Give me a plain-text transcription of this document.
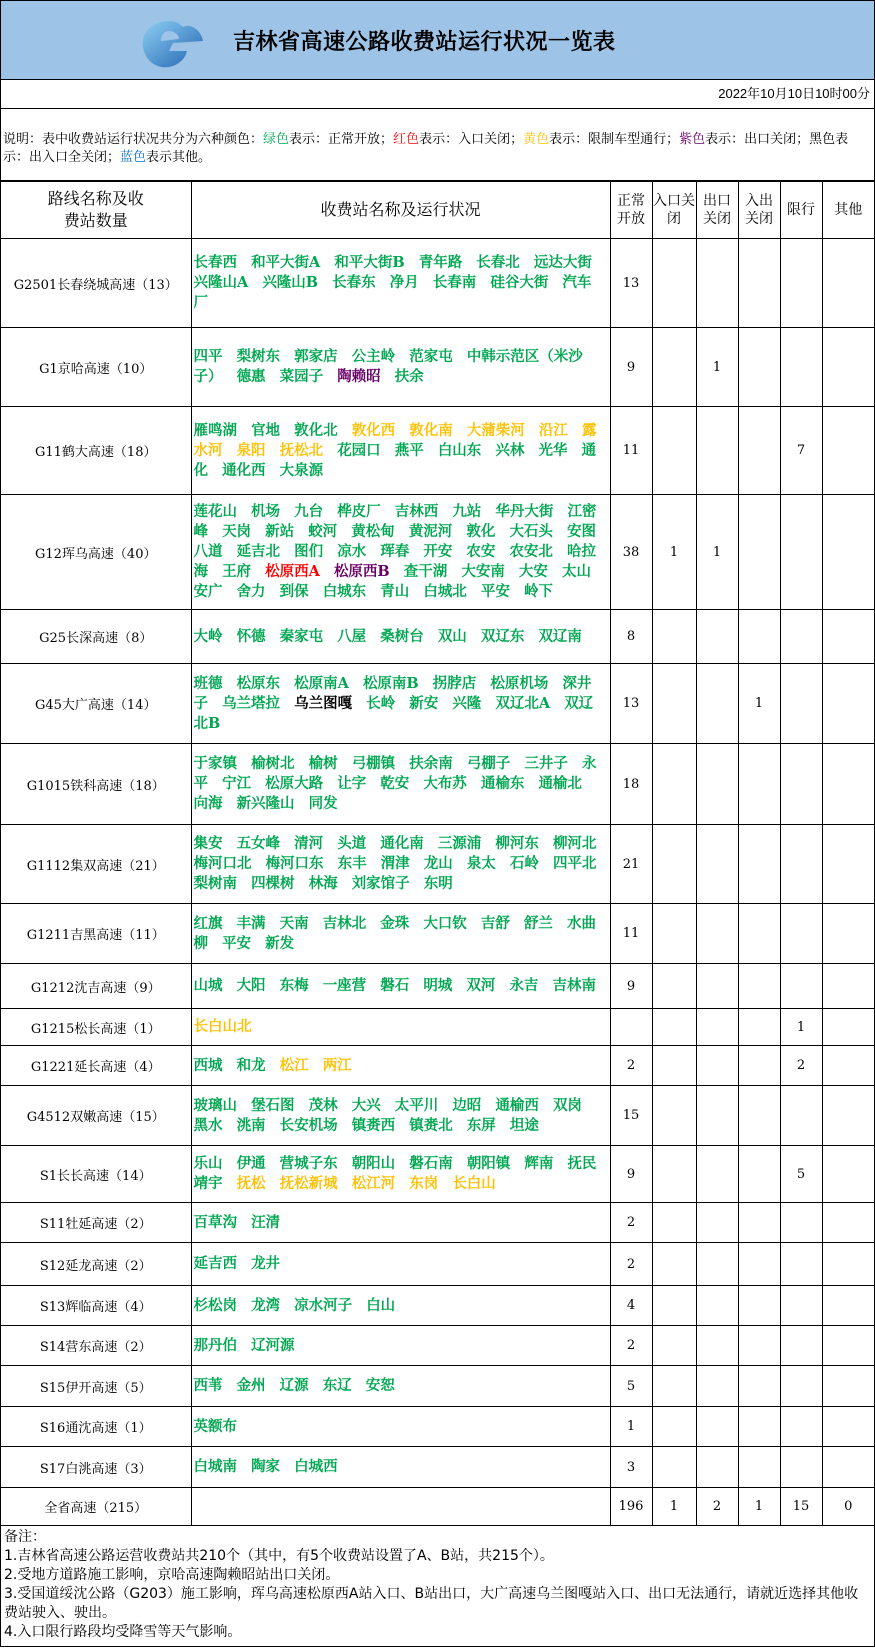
吉林省高速公路收费站运行状况一览表
2022年10月10日10时00分
说明：表中收费站运行状况共分为六种颜色：绿色表示：正常开放；红色表示：入口关闭；黄色表示：限制车型通行；紫色表示：出口关闭；黑色表示：出入口全关闭；蓝色表示其他。
路线名称及收费站数量	收费站名称及运行状况	正常开放	入口关闭	出口关闭	入出关闭	限行	其他
G2501长春绕城高速（13）	长春西 和平大街A 和平大街B 青年路 长春北 远达大街 兴隆山A 兴隆山B 长春东 净月 长春南 硅谷大街 汽车厂	13					
G1京哈高速（10）	四平 梨树东 郭家店 公主岭 范家屯 中韩示范区（米沙子） 德惠 菜园子 陶赖昭 扶余	9		1			
G11鹤大高速（18）	雁鸣湖 官地 敦化北 敦化西 敦化南 大蒲柴河 沿江 露水河 泉阳 抚松北 花园口 燕平 白山东 兴林 光华 通化 通化西 大泉源	11				7	
G12珲乌高速（40）	莲花山 机场 九台 桦皮厂 吉林西 九站 华丹大街 江密峰 天岗 新站 蛟河 黄松甸 黄泥河 敦化 大石头 安图 八道 延吉北 图们 凉水 珲春 开安 农安 农安北 哈拉海 王府 松原西A 松原西B 查干湖 大安南 大安 太山 安广 舍力 到保 白城东 青山 白城北 平安 岭下	38	1	1			
G25长深高速（8）	大岭 怀德 秦家屯 八屋 桑树台 双山 双辽东 双辽南	8					
G45大广高速（14）	班德 松原东 松原南A 松原南B 拐脖店 松原机场 深井子 乌兰塔拉 乌兰图嘎 长岭 新安 兴隆 双辽北A 双辽北B	13			1		
G1015铁科高速（18）	于家镇 榆树北 榆树 弓棚镇 扶余南 弓棚子 三井子 永平 宁江 松原大路 让字 乾安 大布苏 通榆东 通榆北 向海 新兴隆山 同发	18					
G1112集双高速（21）	集安 五女峰 清河 头道 通化南 三源浦 柳河东 柳河北 梅河口北 梅河口东 东丰 渭津 龙山 泉太 石岭 四平北 梨树南 四棵树 林海 刘家馆子 东明	21					
G1211吉黑高速（11）	红旗 丰满 天南 吉林北 金珠 大口钦 吉舒 舒兰 水曲柳 平安 新发	11					
G1212沈吉高速（9）	山城 大阳 东梅 一座营 磐石 明城 双河 永吉 吉林南	9					
G1215松长高速（1）	长白山北					1	
G1221延长高速（4）	西城 和龙 松江 两江	2				2	
G4512双嫩高速（15）	玻璃山 堡石图 茂林 大兴 太平川 边昭 通榆西 双岗 黑水 洮南 长安机场 镇赉西 镇赉北 东屏 坦途	15					
S1长长高速（14）	乐山 伊通 营城子东 朝阳山 磐石南 朝阳镇 辉南 抚民 靖宇 抚松 抚松新城 松江河 东岗 长白山	9				5	
S11牡延高速（2）	百草沟 汪清	2					
S12延龙高速（2）	延吉西 龙井	2					
S13辉临高速（4）	杉松岗 龙湾 凉水河子 白山	4					
S14营东高速（2）	那丹伯 辽河源	2					
S15伊开高速（5）	西苇 金州 辽源 东辽 安恕	5					
S16通沈高速（1）	英额布	1					
S17白洮高速（3）	白城南 陶家 白城西	3					
全省高速（215）		196	1	2	1	15	0
备注：
1.吉林省高速公路运营收费站共210个（其中，有5个收费站设置了A、B站，共215个）。
2.受地方道路施工影响，京哈高速陶赖昭站出口关闭。
3.受国道绥沈公路（G203）施工影响，珲乌高速松原西A站入口、B站出口，大广高速乌兰图嘎站入口、出口无法通行，请就近选择其他收费站驶入、驶出。
4.入口限行路段均受降雪等天气影响。
